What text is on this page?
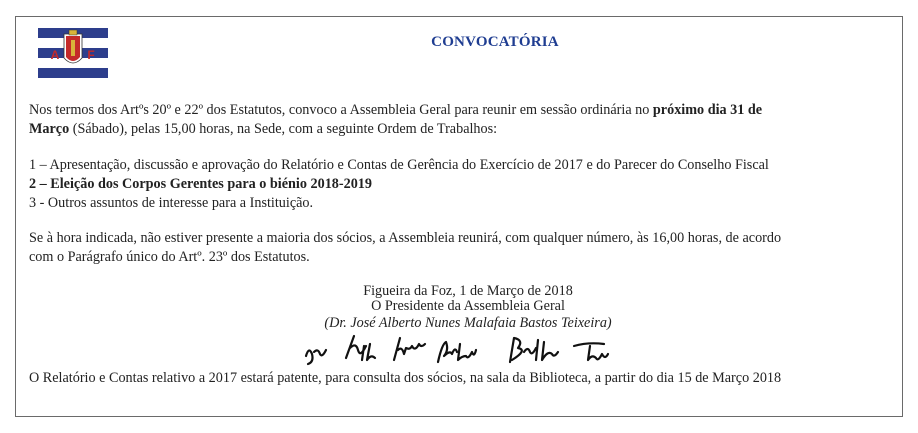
A F
CONVOCATÓRIA
Nos termos dos Artºs 20º e 22º dos Estatutos, convoco a Assembleia Geral para reunir em sessão ordinária no próximo dia 31 de
Março (Sábado), pelas 15,00 horas, na Sede, com a seguinte Ordem de Trabalhos:
1 – Apresentação, discussão e aprovação do Relatório e Contas de Gerência do Exercício de 2017 e do Parecer do Conselho Fiscal
2 – Eleição dos Corpos Gerentes para o biénio 2018-2019
3 - Outros assuntos de interesse para a Instituição.
Se à hora indicada, não estiver presente a maioria dos sócios, a Assembleia reunirá, com qualquer número, às 16,00 horas, de acordo
com o Parágrafo único do Artº. 23º dos Estatutos.
Figueira da Foz, 1 de Março de 2018
O Presidente da Assembleia Geral
(Dr. José Alberto Nunes Malafaia Bastos Teixeira)
O Relatório e Contas relativo a 2017 estará patente, para consulta dos sócios, na sala da Biblioteca, a partir do dia 15 de Março 2018
